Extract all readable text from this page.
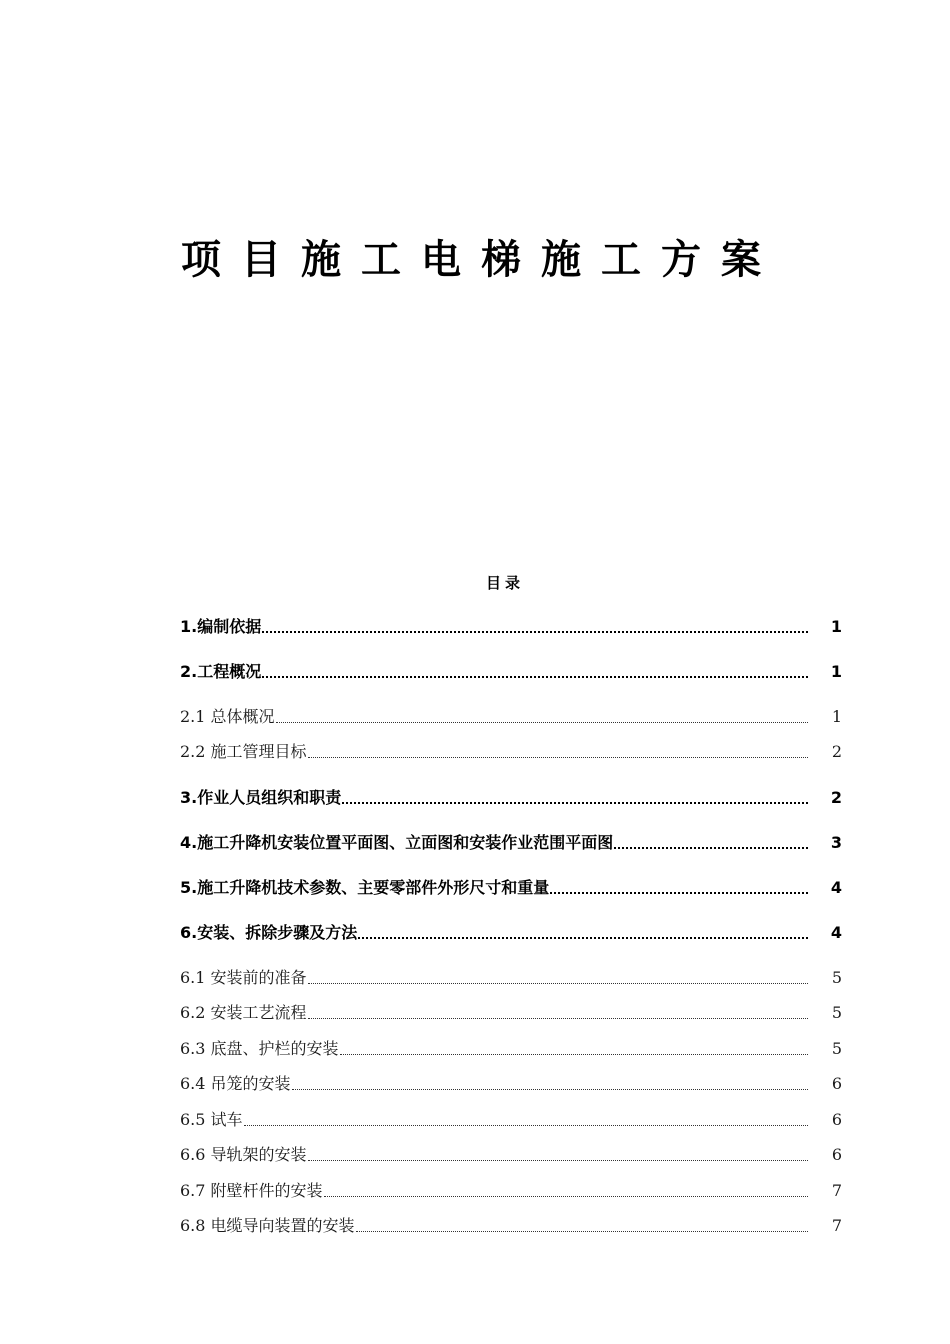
项目施工电梯施工方案
目录
1.编制依据	1
2.工程概况	1
2.1 总体概况	1
2.2 施工管理目标	2
3.作业人员组织和职责	2
4.施工升降机安装位置平面图、立面图和安装作业范围平面图	3
5.施工升降机技术参数、主要零部件外形尺寸和重量	4
6.安装、拆除步骤及方法	4
6.1 安装前的准备	5
6.2 安装工艺流程	5
6.3 底盘、护栏的安装	5
6.4 吊笼的安装	6
6.5 试车	6
6.6 导轨架的安装	6
6.7 附壁杆件的安装	7
6.8 电缆导向装置的安装	7
